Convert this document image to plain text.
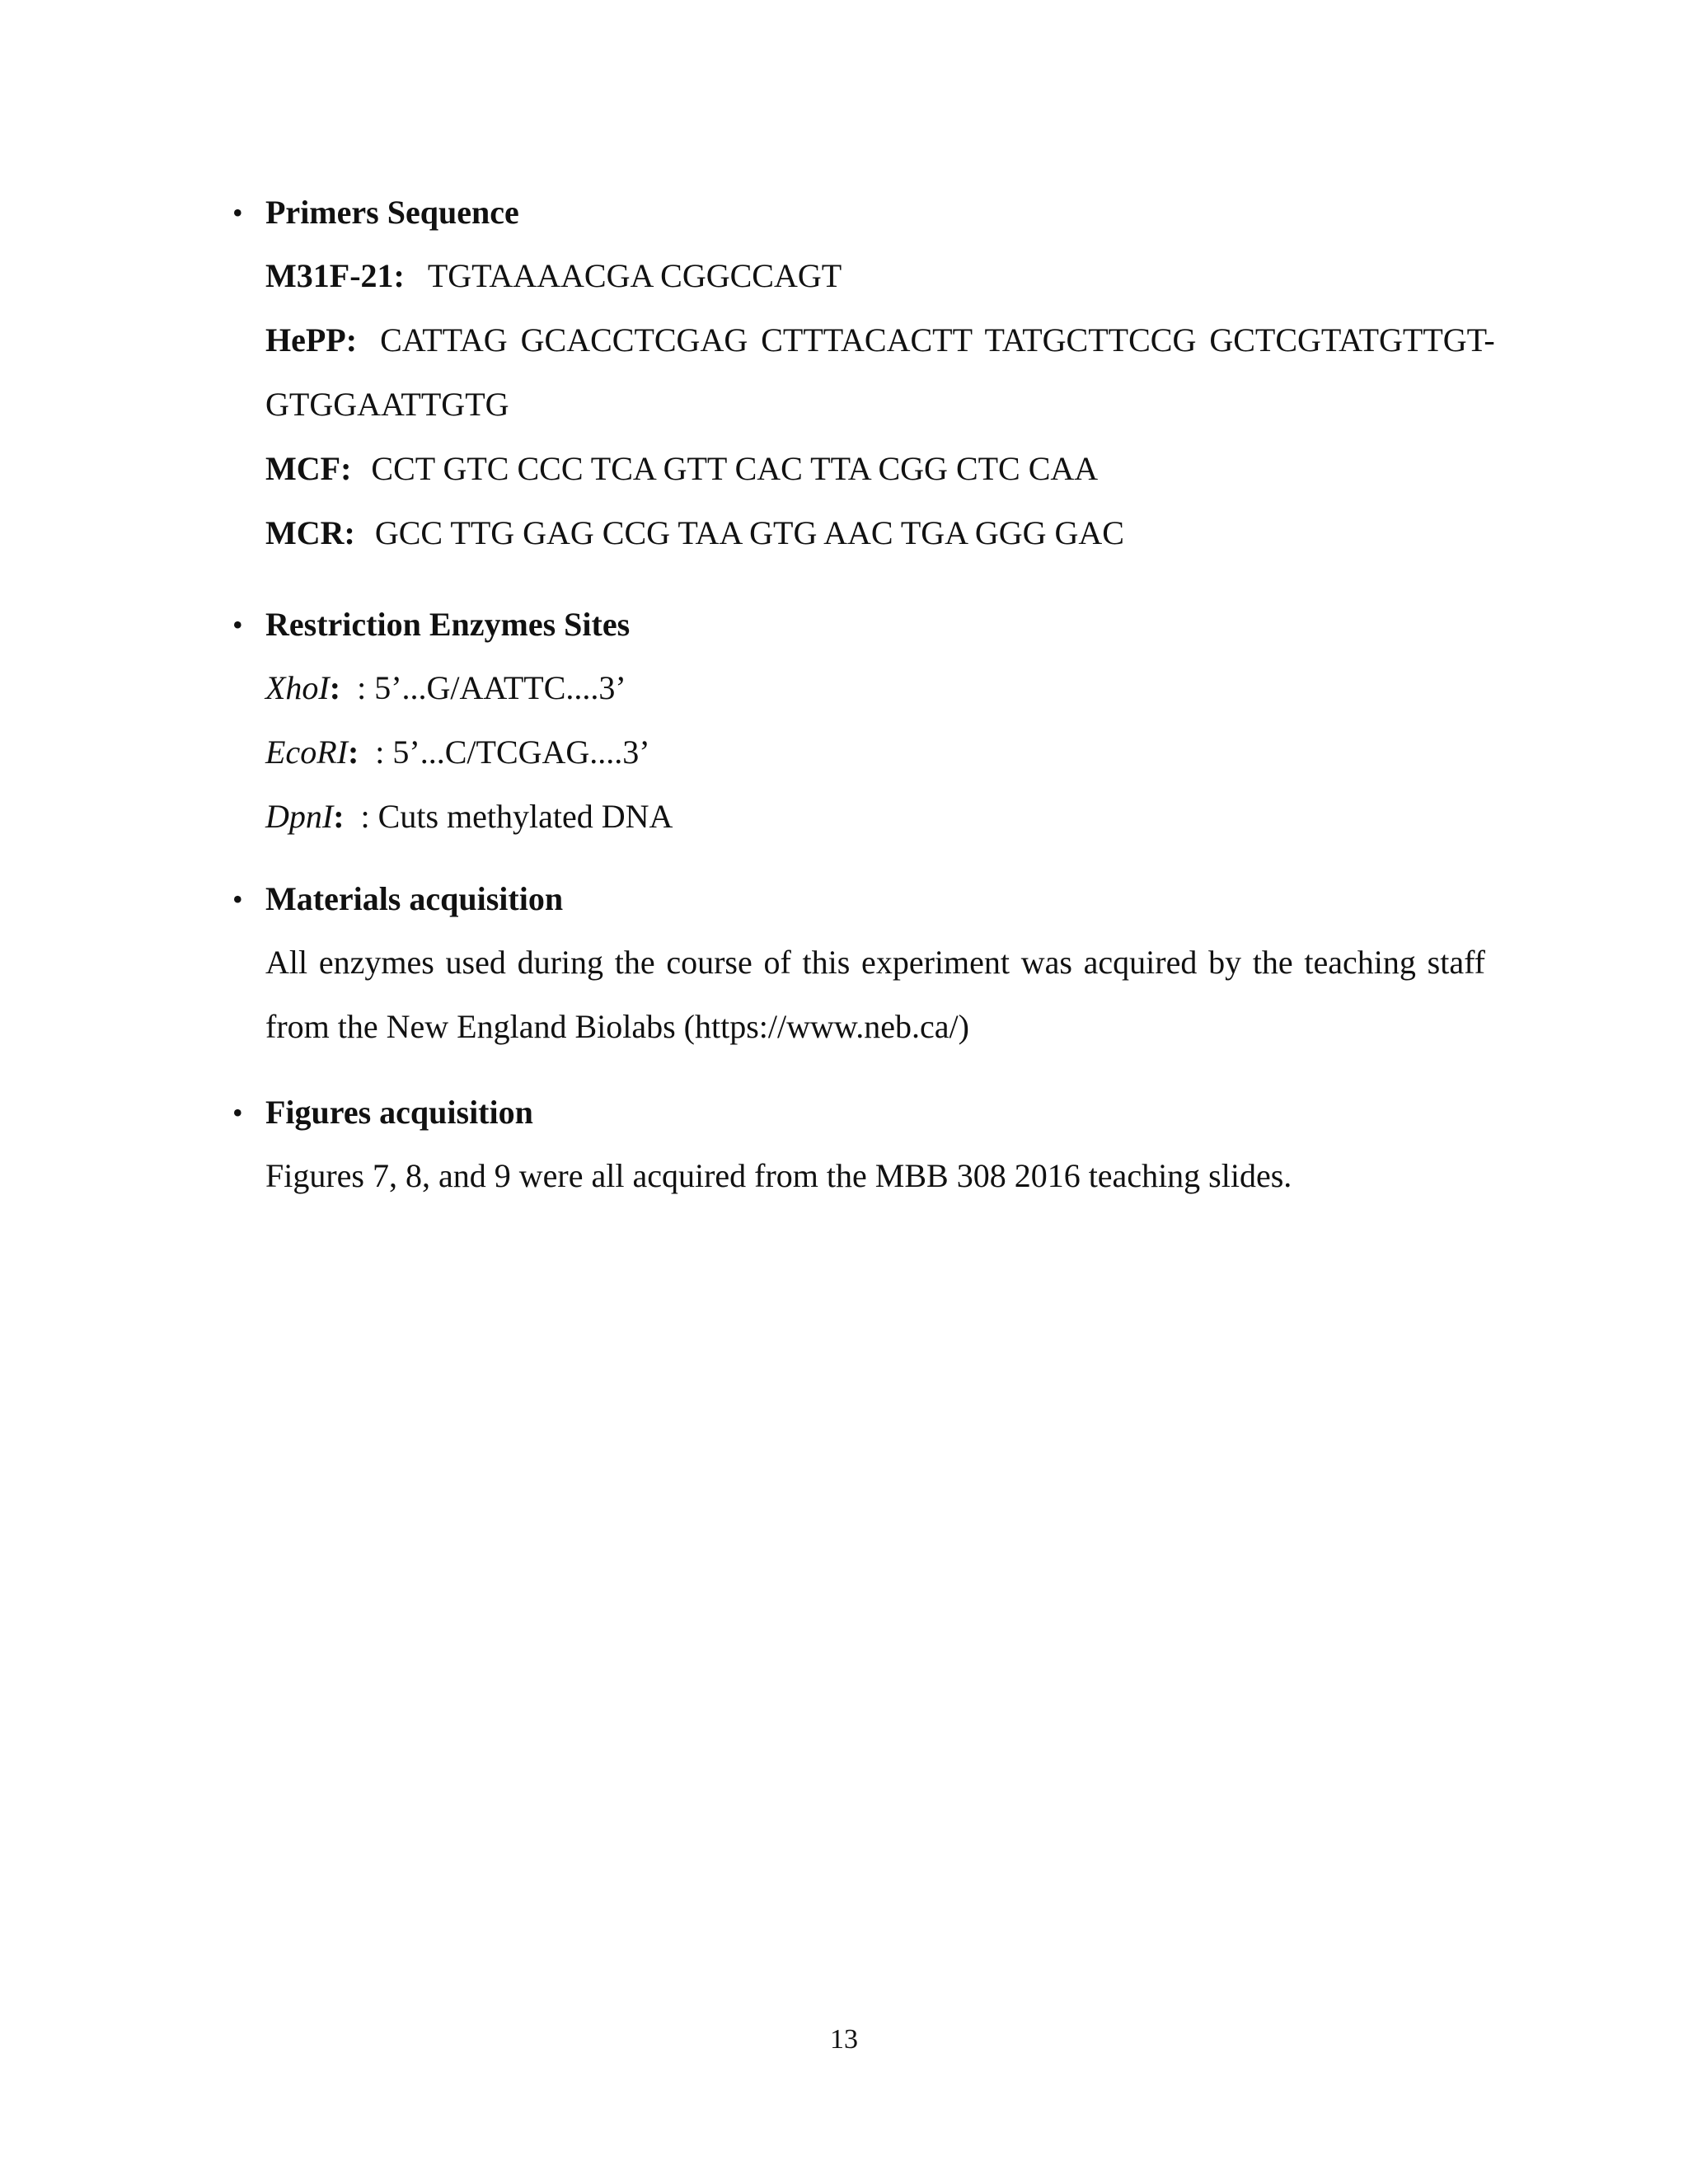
• Primers Sequence
M31F-21: TGTAAAACGA CGGCCAGT
HePP: CATTAG GCACCTCGAG CTTTACACTT TATGCTTCCG GCTCGTATGTTGT-
GTGGAATTGTG
MCF: CCT GTC CCC TCA GTT CAC TTA CGG CTC CAA
MCR: GCC TTG GAG CCG TAA GTG AAC TGA GGG GAC
• Restriction Enzymes Sites
XhoI: : 5’...G/AATTC....3’
EcoRI: : 5’...C/TCGAG....3’
DpnI: : Cuts methylated DNA
• Materials acquisition
All enzymes used during the course of this experiment was acquired by the teaching staff from the New England Biolabs (https://www.neb.ca/)
• Figures acquisition
Figures 7, 8, and 9 were all acquired from the MBB 308 2016 teaching slides.
13
